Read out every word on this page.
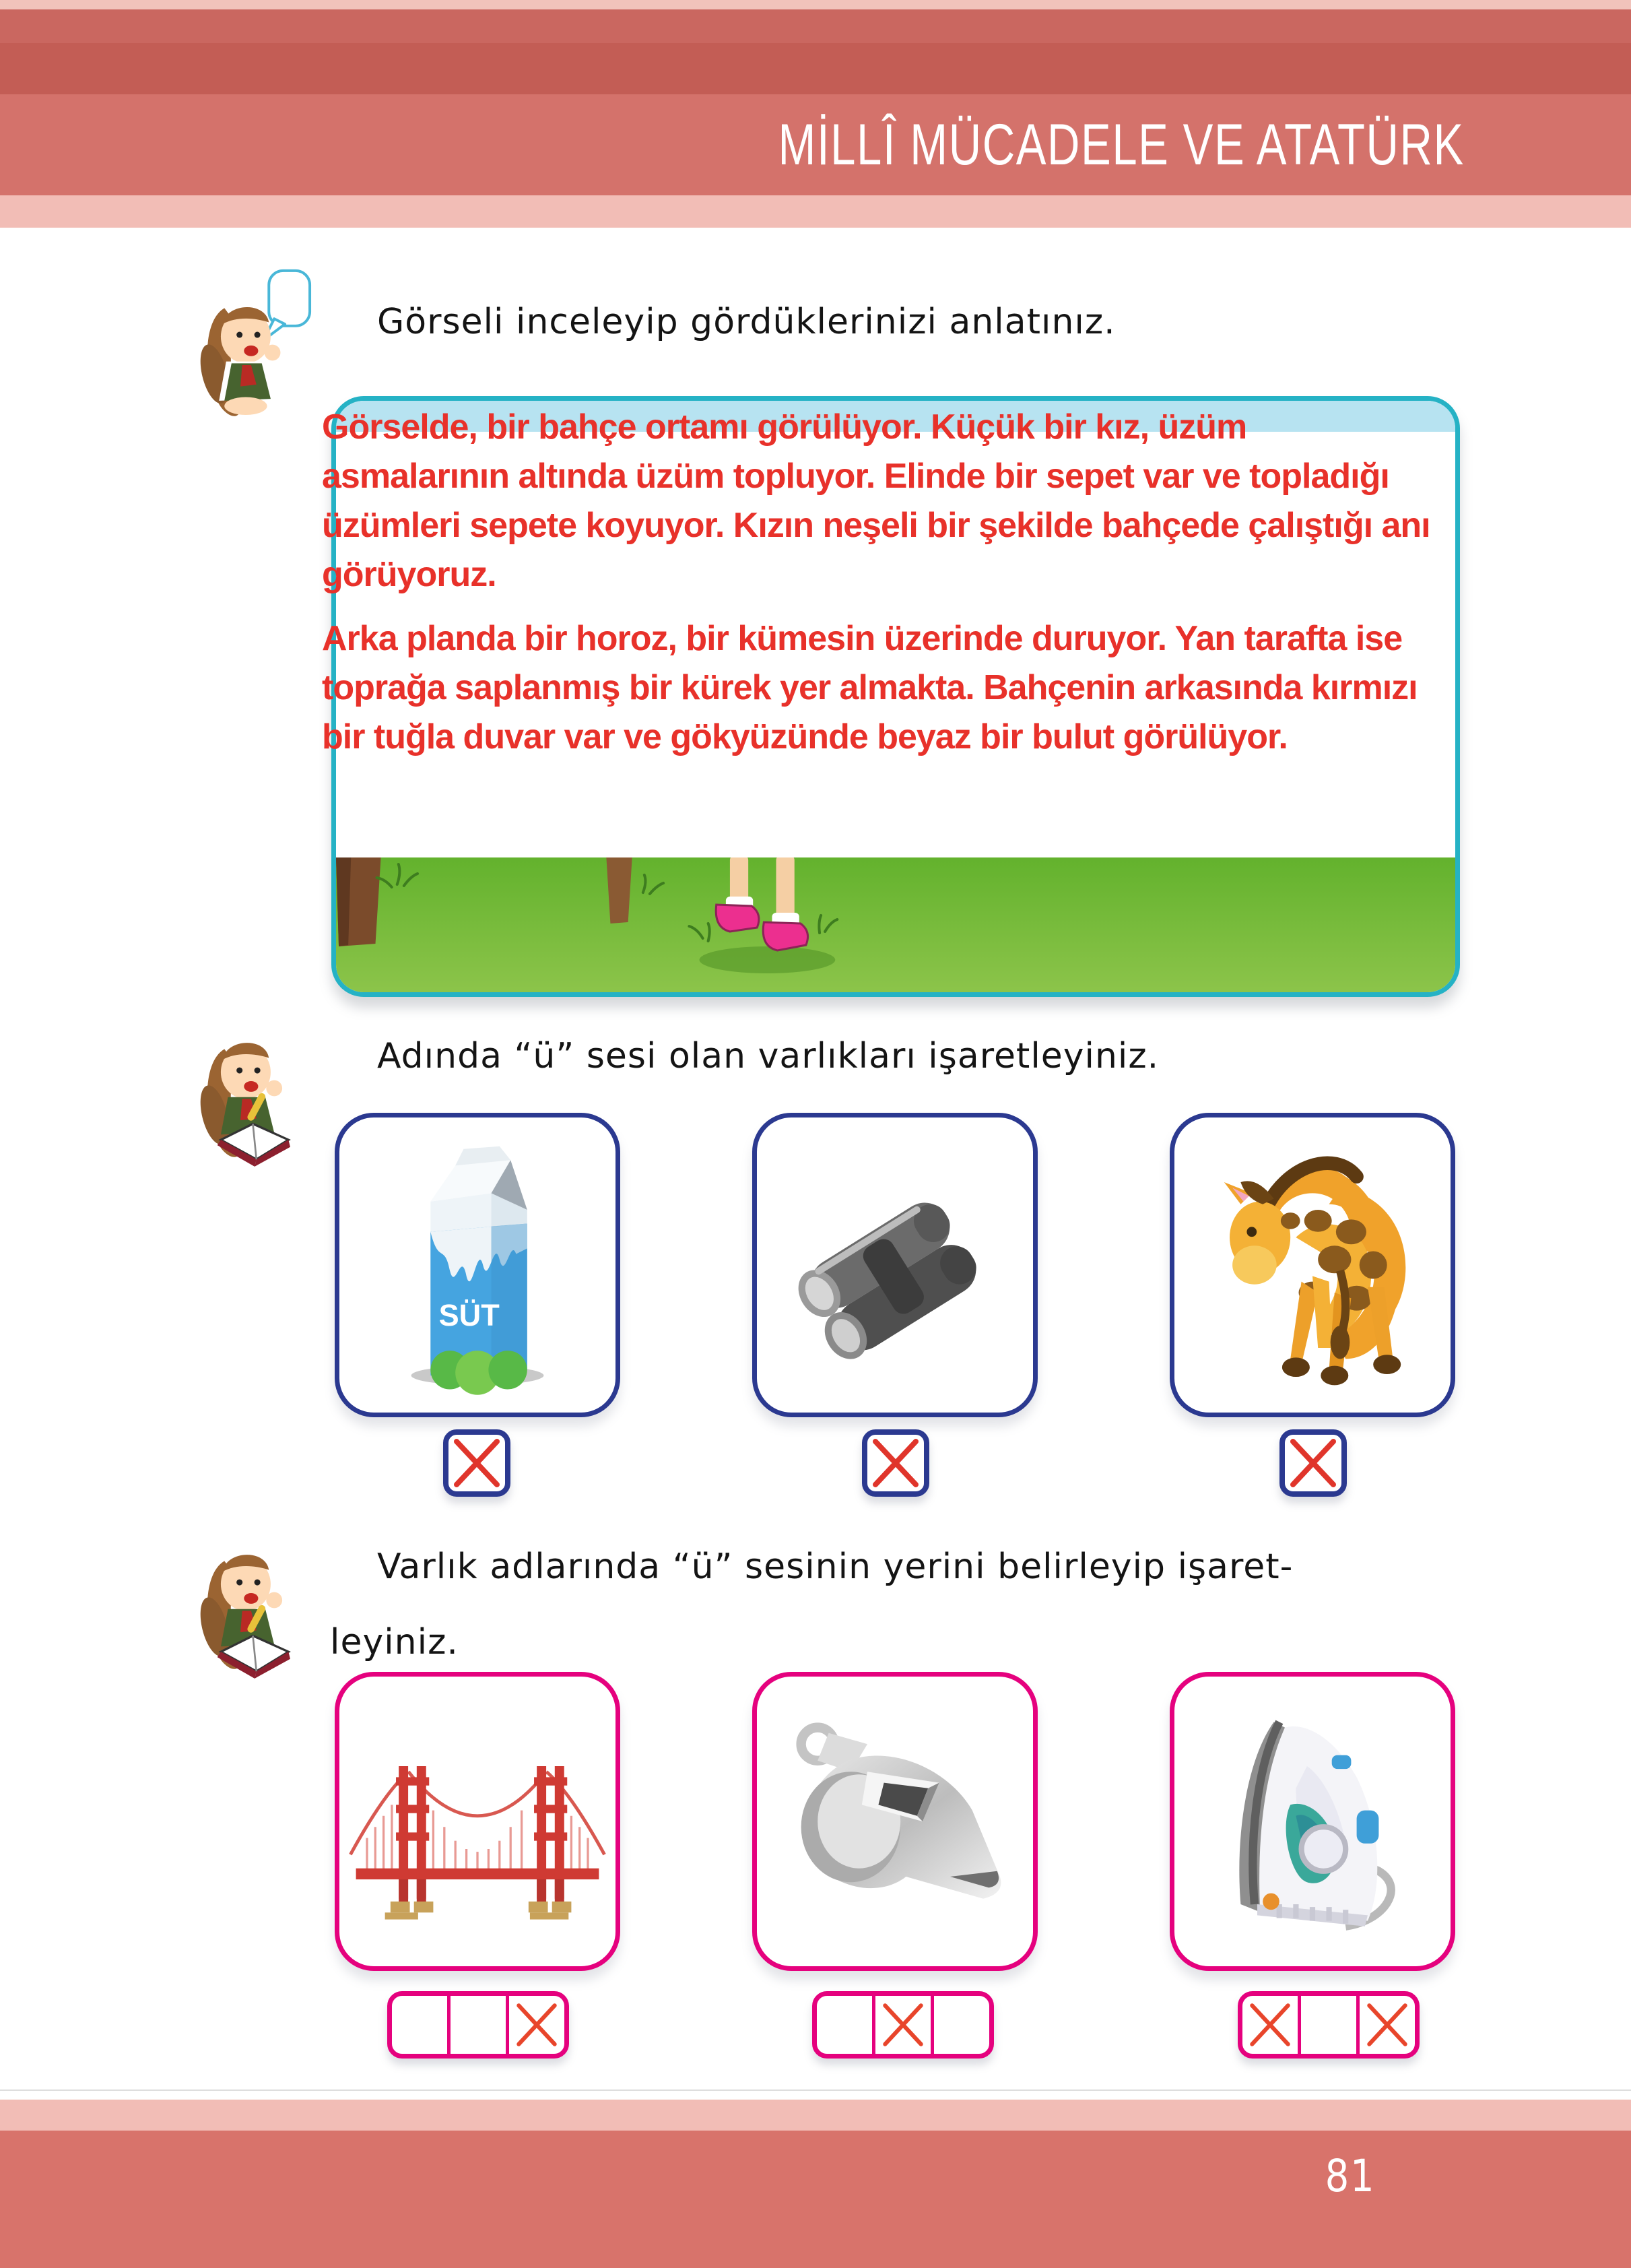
MİLLÎ MÜCADELE VE ATATÜRK
Görseli inceleyip gördüklerinizi anlatınız.
Görselde, bir bahçe ortamı görülüyor. Küçük bir kız, üzüm asmalarının altında üzüm topluyor. Elinde bir sepet var ve topladığı üzümleri sepete koyuyor. Kızın neşeli bir şekilde bahçede çalıştığı anı görüyoruz.
Arka planda bir horoz, bir kümesin üzerinde duruyor. Yan tarafta ise toprağa saplanmış bir kürek yer almakta. Bahçenin arkasında kırmızı bir tuğla duvar var ve gökyüzünde beyaz bir bulut görülüyor.
Adında “ü” sesi olan varlıkları işaretleyiniz.
SÜT
Varlık adlarında “ü” sesinin yerini belirleyip işaret-
leyiniz.
81
